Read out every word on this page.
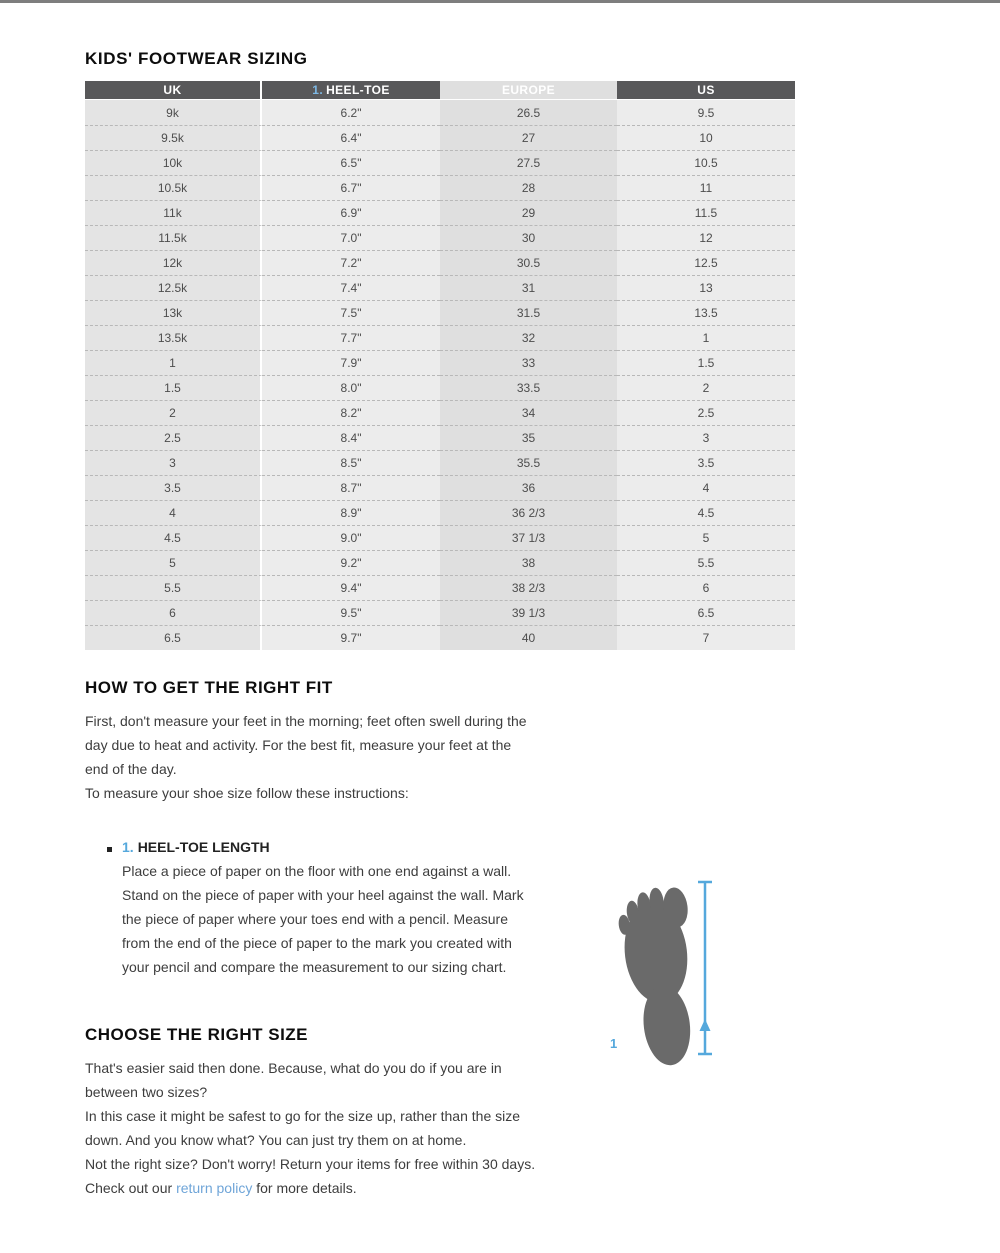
KIDS' FOOTWEAR SIZING
UK	1. HEEL-TOE	EUROPE	US
9k	6.2"	26.5	9.5
9.5k	6.4"	27	10
10k	6.5"	27.5	10.5
10.5k	6.7"	28	11
11k	6.9"	29	11.5
11.5k	7.0"	30	12
12k	7.2"	30.5	12.5
12.5k	7.4"	31	13
13k	7.5"	31.5	13.5
13.5k	7.7"	32	1
1	7.9"	33	1.5
1.5	8.0"	33.5	2
2	8.2"	34	2.5
2.5	8.4"	35	3
3	8.5"	35.5	3.5
3.5	8.7"	36	4
4	8.9"	36 2/3	4.5
4.5	9.0"	37 1/3	5
5	9.2"	38	5.5
5.5	9.4"	38 2/3	6
6	9.5"	39 1/3	6.5
6.5	9.7"	40	7
HOW TO GET THE RIGHT FIT

First, don't measure your feet in the morning; feet often swell during the day due to heat and activity. For the best fit, measure your feet at the end of the day.

To measure your shoe size follow these instructions:

1. HEEL-TOE LENGTH

Place a piece of paper on the floor with one end against a wall. Stand on the piece of paper with your heel against the wall. Mark the piece of paper where your toes end with a pencil. Measure from the end of the piece of paper to the mark you created with your pencil and compare the measurement to our sizing chart.

CHOOSE THE RIGHT SIZE

That's easier said then done. Because, what do you do if you are in between two sizes?

In this case it might be safest to go for the size up, rather than the size down. And you know what? You can just try them on at home.

Not the right size? Don't worry! Return your items for free within 30 days. Check out our return policy for more details.

1
